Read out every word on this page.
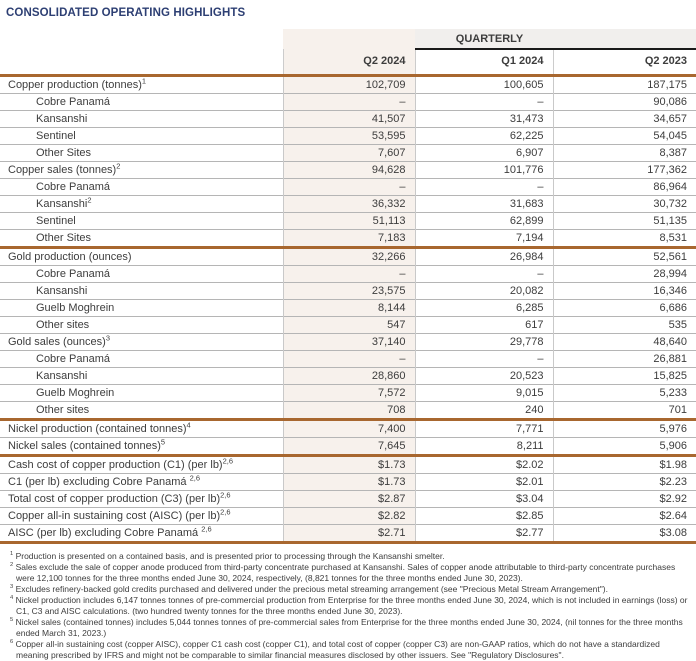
CONSOLIDATED OPERATING HIGHLIGHTS
	QUARTERLY		
	Q2 2024	Q1 2024	Q2 2023
Copper production (tonnes)$^1$	102,709	100,605	187,175
Cobre Panamá	–	–	90,086
Kansanshi	41,507	31,473	34,657
Sentinel	53,595	62,225	54,045
Other Sites	7,607	6,907	8,387
Copper sales (tonnes)$^2$	94,628	101,776	177,362
Cobre Panamá	–	–	86,964
Kansanshi$^2$	36,332	31,683	30,732
Sentinel	51,113	62,899	51,135
Other Sites	7,183	7,194	8,531
Gold production (ounces)	32,266	26,984	52,561
Cobre Panamá	–	–	28,994
Kansanshi	23,575	20,082	16,346
Guelb Moghrein	8,144	6,285	6,686
Other sites	547	617	535
Gold sales (ounces)$^3$	37,140	29,778	48,640
Cobre Panamá	–	–	26,881
Kansanshi	28,860	20,523	15,825
Guelb Moghrein	7,572	9,015	5,233
Other sites	708	240	701
Nickel production (contained tonnes)$^4$	7,400	7,771	5,976
Nickel sales (contained tonnes)$^5$	7,645	8,211	5,906
Cash cost of copper production (C1) (per lb)$^{2,6}$	$1.73	$2.02	$1.98
C1 (per lb) excluding Cobre Panamá $^{2,6}$	$1.73	$2.01	$2.23
Total cost of copper production (C3) (per lb)$^{2,6}$	$2.87	$3.04	$2.92
Copper all-in sustaining cost (AISC) (per lb)$^{2,6}$	$2.82	$2.85	$2.64
AISC (per lb) excluding Cobre Panamá $^{2,6}$	$2.71	$2.77	$3.08
$^1$ Production is presented on a contained basis, and is presented prior to processing through the Kansanshi smelter.
$^2$ Sales exclude the sale of copper anode produced from third-party concentrate purchased at Kansanshi. Sales of copper anode attributable to third-party concentrate purchases were 12,100 tonnes for the three months ended June 30, 2024, respectively, (8,821 tonnes for the three months ended June 30, 2023).
$^3$ Excludes refinery-backed gold credits purchased and delivered under the precious metal streaming arrangement (see "Precious Metal Stream Arrangement").
$^4$ Nickel production includes 6,147 tonnes tonnes of pre-commercial production from Enterprise for the three months ended June 30, 2024, which is not included in earnings (loss) or C1, C3 and AISC calculations. (two hundred twenty tonnes for the three months ended June 30, 2023).
$^5$ Nickel sales (contained tonnes) includes 5,044 tonnes tonnes of pre-commercial sales from Enterprise for the three months ended June 30, 2024, (nil tonnes for the three months ended March 31, 2023.)
$^6$ Copper all-in sustaining cost (copper AISC), copper C1 cash cost (copper C1), and total cost of copper (copper C3) are non-GAAP ratios, which do not have a standardized meaning prescribed by IFRS and might not be comparable to similar financial measures disclosed by other issuers. See "Regulatory Disclosures".
